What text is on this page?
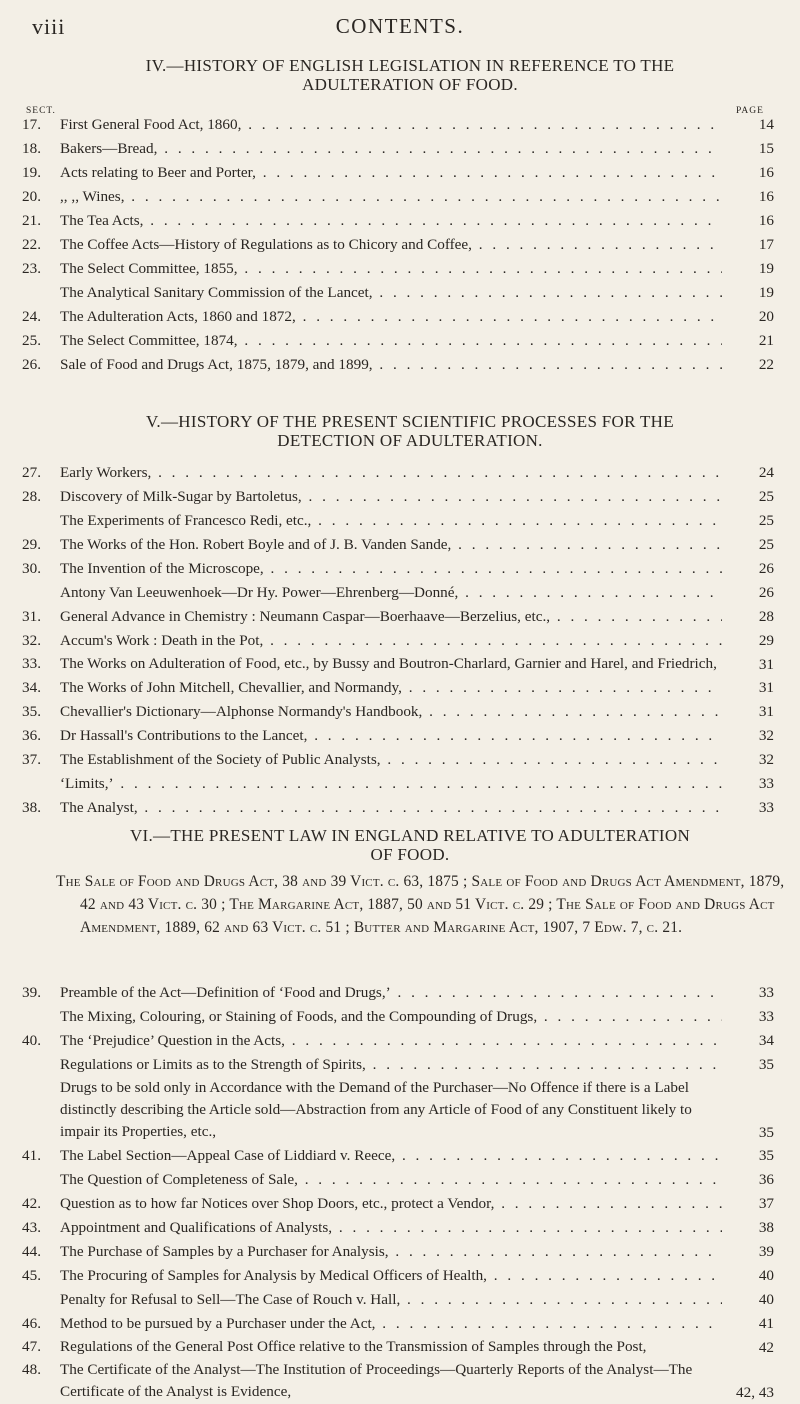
viii	CONTENTS.
IV.—HISTORY OF ENGLISH LEGISLATION IN REFERENCE TO THE
ADULTERATION OF FOOD.
SECT.	PAGE
17.	First General Food Act, 1860, . . .	14
18.	Bakers—Bread, . . .	15
19.	Acts relating to Beer and Porter, . . .	16
20.	,, ,, Wines, . . .	16
21.	The Tea Acts, . . .	16
22.	The Coffee Acts—History of Regulations as to Chicory and Coffee, . . .	17
23.	The Select Committee, 1855, . . .	19
The Analytical Sanitary Commission of the Lancet, . . .	19
24.	The Adulteration Acts, 1860 and 1872, . . .	20
25.	The Select Committee, 1874, . . .	21
26.	Sale of Food and Drugs Act, 1875, 1879, and 1899, . . .	22
V.—HISTORY OF THE PRESENT SCIENTIFIC PROCESSES FOR THE
DETECTION OF ADULTERATION.
27.	Early Workers, . . .	24
28.	Discovery of Milk-Sugar by Bartoletus, . . .	25
The Experiments of Francesco Redi, etc., . . .	25
29.	The Works of the Hon. Robert Boyle and of J. B. Vanden Sande, . . .	25
30.	The Invention of the Microscope, . . .	26
Antony Van Leeuwenhoek—Dr Hy. Power—Ehrenberg—Donné, . . .	26
31.	General Advance in Chemistry : Neumann Caspar—Boerhaave—Berzelius, etc., . . .	28
32.	Accum's Work : Death in the Pot, . . .	29
33.	The Works on Adulteration of Food, etc., by Bussy and Boutron-Charlard, Garnier and Harel, and Friedrich,	31
34.	The Works of John Mitchell, Chevallier, and Normandy, . . .	31
35.	Chevallier's Dictionary—Alphonse Normandy's Handbook, . . .	31
36.	Dr Hassall's Contributions to the Lancet, . . .	32
37.	The Establishment of the Society of Public Analysts, . . .	32
‘Limits,’ . . .	33
38.	The Analyst, . . .	33
VI.—THE PRESENT LAW IN ENGLAND RELATIVE TO ADULTERATION
OF FOOD.
The Sale of Food and Drugs Act, 38 and 39 Vict. c. 63, 1875 ; Sale of Food and Drugs Act Amendment, 1879, 42 and 43 Vict. c. 30 ; The Margarine Act, 1887, 50 and 51 Vict. c. 29 ; The Sale of Food and Drugs Act Amendment, 1889, 62 and 63 Vict. c. 51 ; Butter and Margarine Act, 1907, 7 Edw. 7, c. 21.
39.	Preamble of the Act—Definition of ‘Food and Drugs,’ . . .	33
The Mixing, Colouring, or Staining of Foods, and the Compounding of Drugs, . . .	33
40.	The ‘Prejudice’ Question in the Acts, . . .	34
Regulations or Limits as to the Strength of Spirits, . . .	35
Drugs to be sold only in Accordance with the Demand of the Purchaser—No Offence if there is a Label distinctly describing the Article sold—Abstraction from any Article of Food of any Constituent likely to impair its Properties, etc.,	35
41.	The Label Section—Appeal Case of Liddiard v. Reece, . . .	35
The Question of Completeness of Sale, . . .	36
42.	Question as to how far Notices over Shop Doors, etc., protect a Vendor, . . .	37
43.	Appointment and Qualifications of Analysts, . . .	38
44.	The Purchase of Samples by a Purchaser for Analysis, . . .	39
45.	The Procuring of Samples for Analysis by Medical Officers of Health, . . .	40
Penalty for Refusal to Sell—The Case of Rouch v. Hall, . . .	40
46.	Method to be pursued by a Purchaser under the Act, . . .	41
47.	Regulations of the General Post Office relative to the Transmission of Samples through the Post,	42
48.	The Certificate of the Analyst—The Institution of Proceedings—Quarterly Reports of the Analyst—The Certificate of the Analyst is Evidence,	42, 43
